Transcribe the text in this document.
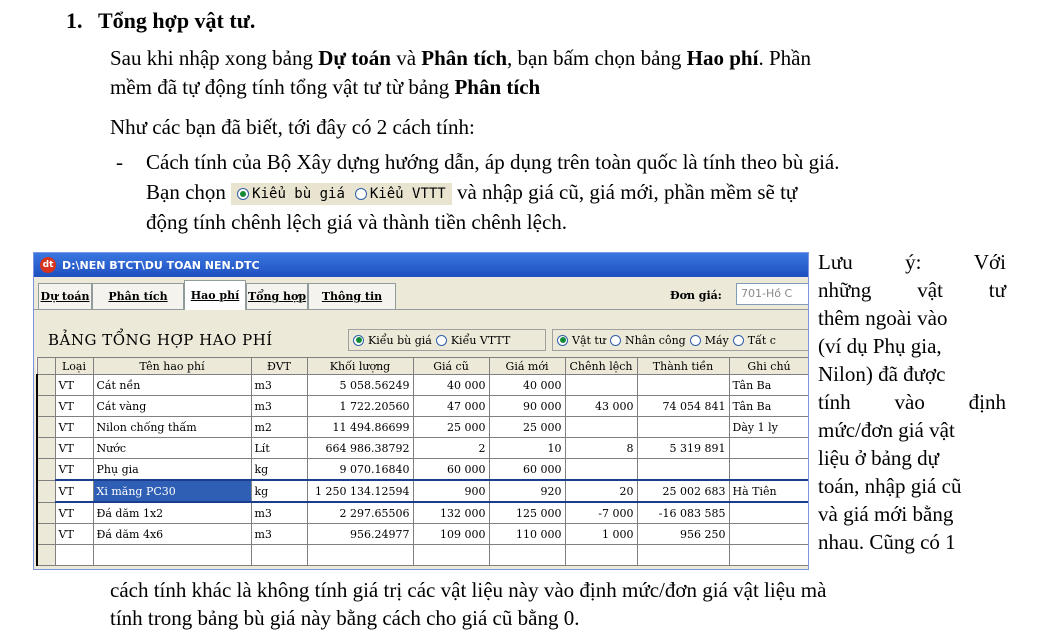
1. Tổng hợp vật tư.
Sau khi nhập xong bảng Dự toán và Phân tích, bạn bấm chọn bảng Hao phí. Phần
mềm đã tự động tính tổng vật tư từ bảng Phân tích
Như các bạn đã biết, tới đây có 2 cách tính:
- Cách tính của Bộ Xây dựng hướng dẫn, áp dụng trên toàn quốc là tính theo bù giá.
Bạn chọn Kiểu bù giá Kiểu VTTT và nhập giá cũ, giá mới, phần mềm sẽ tự
động tính chênh lệch giá và thành tiền chênh lệch.
dt D:\NEN BTCT\DU TOAN NEN.DTC
Dự toán	Phân tích	Hao phí Tổng hợp	Thông tin	Đơn giá:	701-Hồ C
BẢNG TỔNG HỢP HAO PHÍ	Kiểu bù giá Kiểu VTTT	Vật tư Nhân công Máy Tất c
	Loại	Tên hao phí	ĐVT	Khối lượng	Giá cũ	Giá mới	Chênh lệch	Thành tiền	Ghi chú
	VT	Cát nền	m3	5 058.56249	40 000	40 000			Tân Ba
	VT	Cát vàng	m3	1 722.20560	47 000	90 000	43 000	74 054 841	Tân Ba
	VT	Nilon chống thấm	m2	11 494.86699	25 000	25 000			Dày 1 ly
	VT	Nước	Lít	664 986.38792	2	10	8	5 319 891	
	VT	Phụ gia	kg	9 070.16840	60 000	60 000			
	VT	Xi măng PC30	kg	1 250 134.12594	900	920	20	25 002 683	Hà Tiên
	VT	Đá dăm 1x2	m3	2 297.65506	132 000	125 000	-7 000	-16 083 585	
	VT	Đá dăm 4x6	m3	956.24977	109 000	110 000	1 000	956 250	

Lưu ý: Với
những vật tư
thêm ngoài vào
(ví dụ Phụ gia,
Nilon) đã được
tính vào định
mức/đơn giá vật
liệu ở bảng dự
toán, nhập giá cũ
và giá mới bằng
nhau. Cũng có 1
cách tính khác là không tính giá trị các vật liệu này vào định mức/đơn giá vật liệu mà
tính trong bảng bù giá này bằng cách cho giá cũ bằng 0.
